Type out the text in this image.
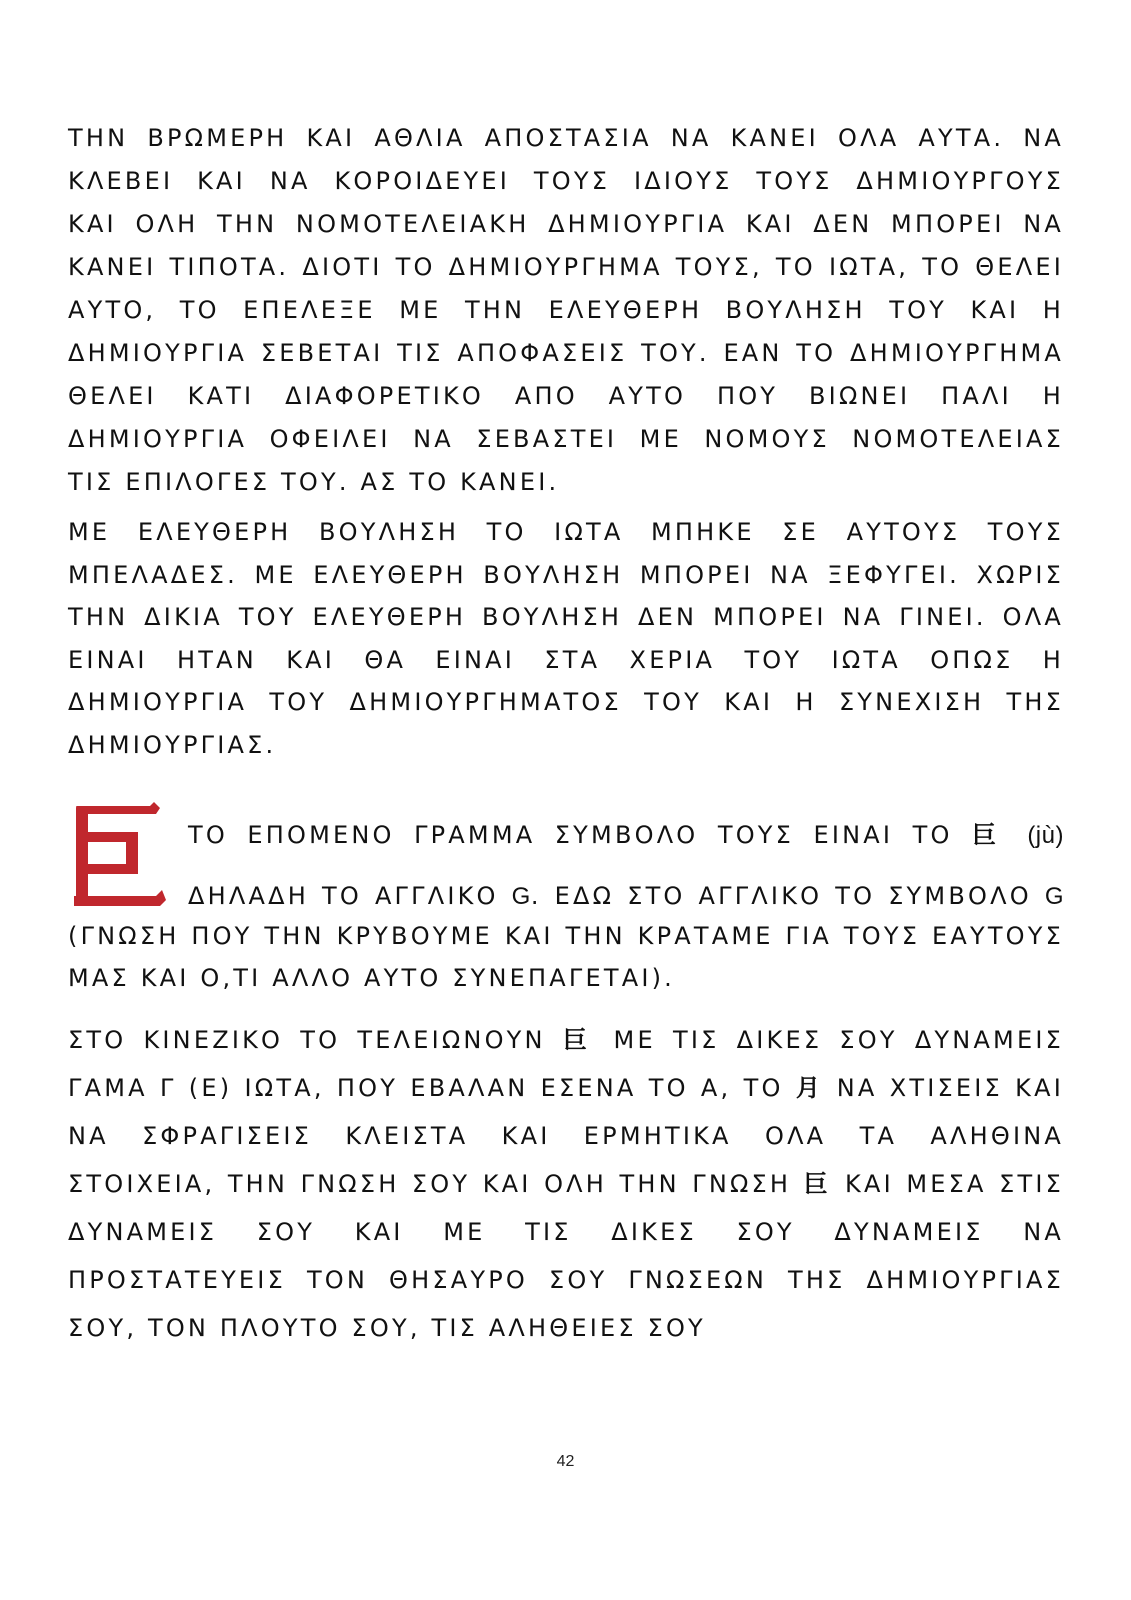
ΤΗΝ ΒΡΩΜΕΡΗ ΚΑΙ ΑΘΛΙΑ ΑΠΟΣΤΑΣΙΑ ΝΑ ΚΑΝΕΙ ΟΛΑ ΑΥΤΑ. ΝΑ
ΚΛΕΒΕΙ ΚΑΙ ΝΑ ΚΟΡΟΙΔΕΥΕΙ ΤΟΥΣ ΙΔΙΟΥΣ ΤΟΥΣ ΔΗΜΙΟΥΡΓΟΥΣ
ΚΑΙ ΟΛΗ ΤΗΝ ΝΟΜΟΤΕΛΕΙΑΚΗ ΔΗΜΙΟΥΡΓΙΑ ΚΑΙ ΔΕΝ ΜΠΟΡΕΙ ΝΑ
ΚΑΝΕΙ ΤΙΠΟΤΑ. ΔΙΟΤΙ ΤΟ ΔΗΜΙΟΥΡΓΗΜΑ ΤΟΥΣ, ΤΟ ΙΩΤΑ, ΤΟ ΘΕΛΕΙ
ΑΥΤΟ, ΤΟ ΕΠΕΛΕΞΕ ΜΕ ΤΗΝ ΕΛΕΥΘΕΡΗ ΒΟΥΛΗΣΗ ΤΟΥ ΚΑΙ Η
ΔΗΜΙΟΥΡΓΙΑ ΣΕΒΕΤΑΙ ΤΙΣ ΑΠΟΦΑΣΕΙΣ ΤΟΥ. ΕΑΝ ΤΟ ΔΗΜΙΟΥΡΓΗΜΑ
ΘΕΛΕΙ ΚΑΤΙ ΔΙΑΦΟΡΕΤΙΚΟ ΑΠΟ ΑΥΤΟ ΠΟΥ ΒΙΩΝΕΙ ΠΑΛΙ Η
ΔΗΜΙΟΥΡΓΙΑ ΟΦΕΙΛΕΙ ΝΑ ΣΕΒΑΣΤΕΙ ΜΕ ΝΟΜΟΥΣ ΝΟΜΟΤΕΛΕΙΑΣ
ΤΙΣ ΕΠΙΛΟΓΕΣ ΤΟΥ. ΑΣ ΤΟ ΚΑΝΕΙ.
ΜΕ ΕΛΕΥΘΕΡΗ ΒΟΥΛΗΣΗ ΤΟ ΙΩΤΑ ΜΠΗΚΕ ΣΕ ΑΥΤΟΥΣ ΤΟΥΣ
ΜΠΕΛΑΔΕΣ. ΜΕ ΕΛΕΥΘΕΡΗ ΒΟΥΛΗΣΗ ΜΠΟΡΕΙ ΝΑ ΞΕΦΥΓΕΙ. ΧΩΡΙΣ
ΤΗΝ ΔΙΚΙΑ ΤΟΥ ΕΛΕΥΘΕΡΗ ΒΟΥΛΗΣΗ ΔΕΝ ΜΠΟΡΕΙ ΝΑ ΓΙΝΕΙ. ΟΛΑ
ΕΙΝΑΙ ΗΤΑΝ ΚΑΙ ΘΑ ΕΙΝΑΙ ΣΤΑ ΧΕΡΙΑ ΤΟΥ ΙΩΤΑ ΟΠΩΣ Η
ΔΗΜΙΟΥΡΓΙΑ ΤΟΥ ΔΗΜΙΟΥΡΓΗΜΑΤΟΣ ΤΟΥ ΚΑΙ Η ΣΥΝΕΧΙΣΗ ΤΗΣ
ΔΗΜΙΟΥΡΓΙΑΣ.
ΤΟ ΕΠΟΜΕΝΟ ΓΡΑΜΜΑ ΣΥΜΒΟΛΟ ΤΟΥΣ ΕΙΝΑΙ ΤΟ 巨 (jù)
ΔΗΛΑΔΗ ΤΟ ΑΓΓΛΙΚΟ G. ΕΔΩ ΣΤΟ ΑΓΓΛΙΚΟ ΤΟ ΣΥΜΒΟΛΟ G
(ΓΝΩΣΗ ΠΟΥ ΤΗΝ ΚΡΥΒΟΥΜΕ ΚΑΙ ΤΗΝ ΚΡΑΤΑΜΕ ΓΙΑ ΤΟΥΣ ΕΑΥΤΟΥΣ
ΜΑΣ ΚΑΙ Ο,ΤΙ ΑΛΛΟ ΑΥΤΟ ΣΥΝΕΠΑΓΕΤΑΙ).
ΣΤΟ ΚΙΝΕΖΙΚΟ ΤΟ ΤΕΛΕΙΩΝΟΥΝ 巨 ΜΕ ΤΙΣ ΔΙΚΕΣ ΣΟΥ ΔΥΝΑΜΕΙΣ
ΓΑΜΑ Γ (Ε) ΙΩΤΑ, ΠΟΥ ΕΒΑΛΑΝ ΕΣΕΝΑ ΤΟ Α, ΤΟ 月 ΝΑ ΧΤΙΣΕΙΣ ΚΑΙ
ΝΑ ΣΦΡΑΓΙΣΕΙΣ ΚΛΕΙΣΤΑ ΚΑΙ ΕΡΜΗΤΙΚΑ ΟΛΑ ΤΑ ΑΛΗΘΙΝΑ
ΣΤΟΙΧΕΙΑ, ΤΗΝ ΓΝΩΣΗ ΣΟΥ ΚΑΙ ΟΛΗ ΤΗΝ ΓΝΩΣΗ 巨 ΚΑΙ ΜΕΣΑ ΣΤΙΣ
ΔΥΝΑΜΕΙΣ ΣΟΥ ΚΑΙ ΜΕ ΤΙΣ ΔΙΚΕΣ ΣΟΥ ΔΥΝΑΜΕΙΣ ΝΑ
ΠΡΟΣΤΑΤΕΥΕΙΣ ΤΟΝ ΘΗΣΑΥΡΟ ΣΟΥ ΓΝΩΣΕΩΝ ΤΗΣ ΔΗΜΙΟΥΡΓΙΑΣ
ΣΟΥ, ΤΟΝ ΠΛΟΥΤΟ ΣΟΥ, ΤΙΣ ΑΛΗΘΕΙΕΣ ΣΟΥ
42
